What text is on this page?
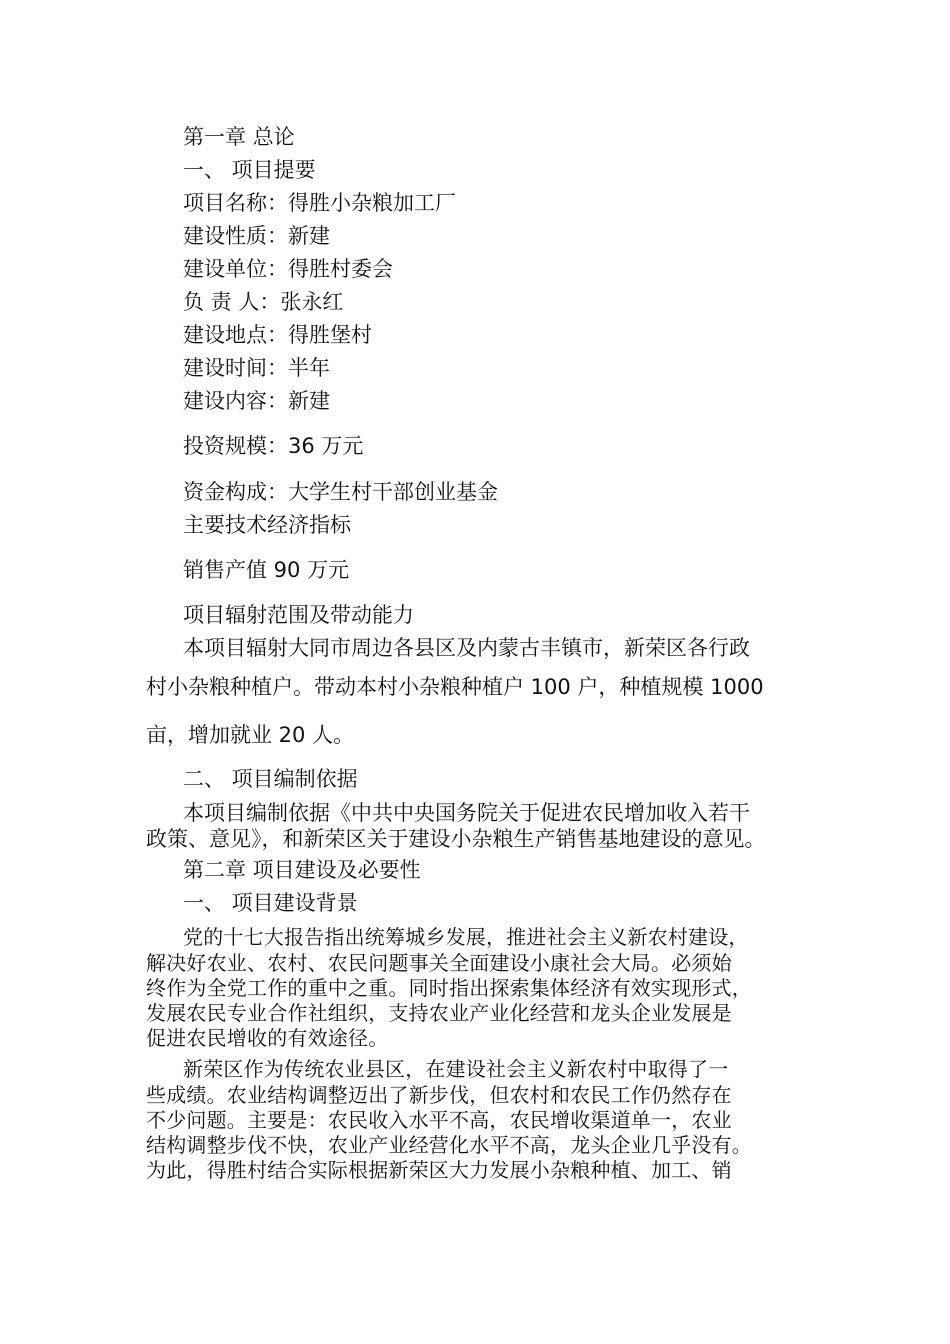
第一章 总论
一、 项目提要
项目名称：得胜小杂粮加工厂
建设性质：新建
建设单位：得胜村委会
负 责 人：张永红
建设地点：得胜堡村
建设时间：半年
建设内容：新建
投资规模：36 万元
资金构成：大学生村干部创业基金
主要技术经济指标
销售产值 90 万元
项目辐射范围及带动能力
本项目辐射大同市周边各县区及内蒙古丰镇市，新荣区各行政
村小杂粮种植户。带动本村小杂粮种植户 100 户，种植规模 1000
亩，增加就业 20 人。
二、 项目编制依据
本项目编制依据《中共中央国务院关于促进农民增加收入若干
政策、意见》，和新荣区关于建设小杂粮生产销售基地建设的意见。
第二章 项目建设及必要性
一、 项目建设背景
党的十七大报告指出统筹城乡发展，推进社会主义新农村建设，
解决好农业、农村、农民问题事关全面建设小康社会大局。必须始
终作为全党工作的重中之重。同时指出探索集体经济有效实现形式，
发展农民专业合作社组织，支持农业产业化经营和龙头企业发展是
促进农民增收的有效途径。
新荣区作为传统农业县区，在建设社会主义新农村中取得了一
些成绩。农业结构调整迈出了新步伐，但农村和农民工作仍然存在
不少问题。主要是：农民收入水平不高，农民增收渠道单一，农业
结构调整步伐不快，农业产业经营化水平不高，龙头企业几乎没有。
为此，得胜村结合实际根据新荣区大力发展小杂粮种植、加工、销
